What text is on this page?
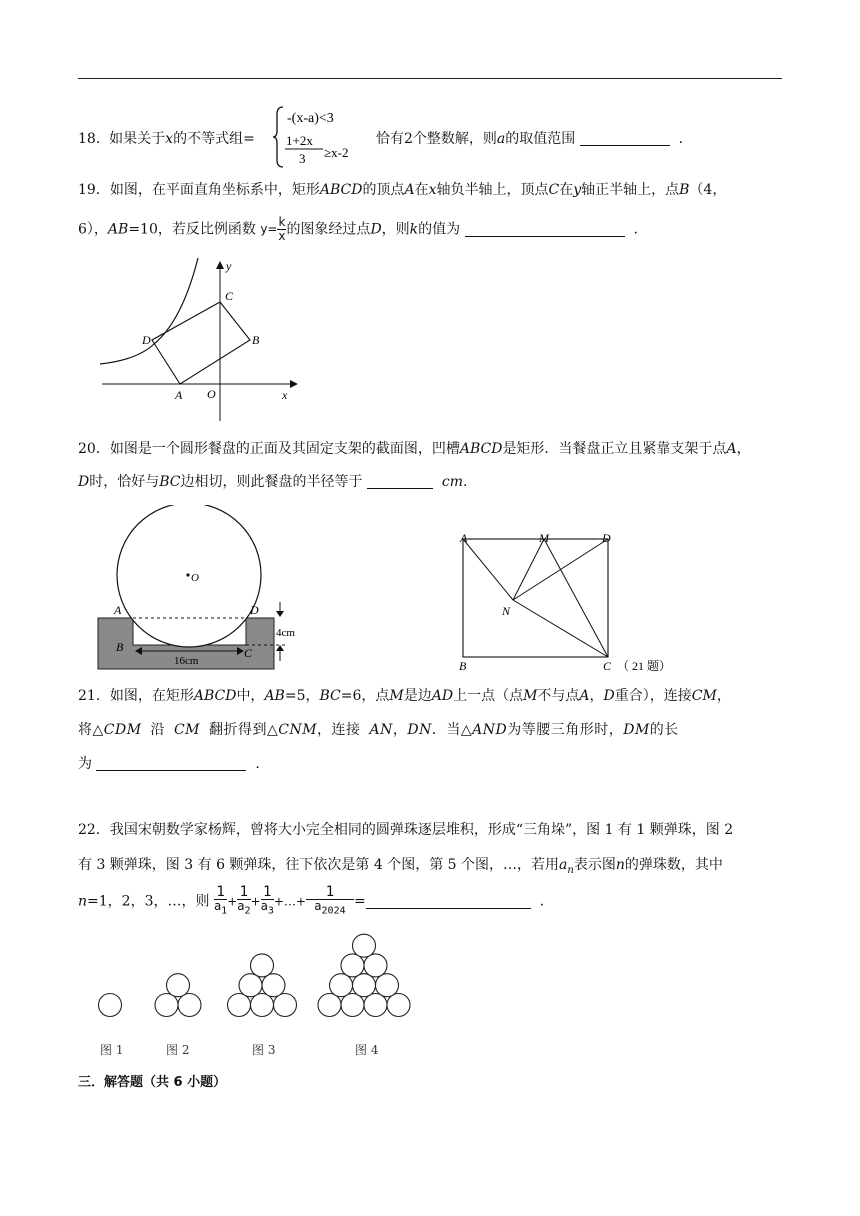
18. 如果关于x的不等式组=
-(x-a)<3
1+2x
3 ≥x-2
恰有2个整数解，则a的取值范围	.
19．如图，在平面直角坐标系中，矩形ABCD的顶点A在x轴负半轴上，顶点C在y轴正半轴上，点B（4，
6），AB=10，若反比例函数 $y= \frac{k}{x}$ 的图象经过点D，则k的值为	.
y
C
D	B
A O	x
20．如图是一个圆形餐盘的正面及其固定支架的截面图，凹槽ABCD是矩形．当餐盘正立且紧靠支架于点A，
D时，恰好与BC边相切，则此餐盘的半径等于	cm.
O
A	D
B	C
4cm
16cm
A	M	D
N
B	C （ 21 题）
21．如图，在矩形ABCD中，AB=5，BC=6，点M是边AD上一点（点M不与点A，D重合），连接CM，
将△CDM 沿 CM 翻折得到△CNM，连接 AN，DN．当△AND为等腰三角形时，DM的长
为	.
22．我国宋朝数学家杨辉，曾将大小完全相同的圆弹珠逐层堆积，形成“三角垛”，图 1 有 1 颗弹珠，图 2
有 3 颗弹珠，图 3 有 6 颗弹珠，往下依次是第 4 个图，第 5 个图，…，若用$a_n$表示图n的弹珠数，其中
n=1，2，3，…，则 $\frac{1}{a_1} + \frac{1}{a_2} + \frac{1}{a_3}$ +…+ $\frac{1}{a_{2024}}$ =	.
图 1	图 2	图 3	图 4
三．解答题（共 6 小题）
